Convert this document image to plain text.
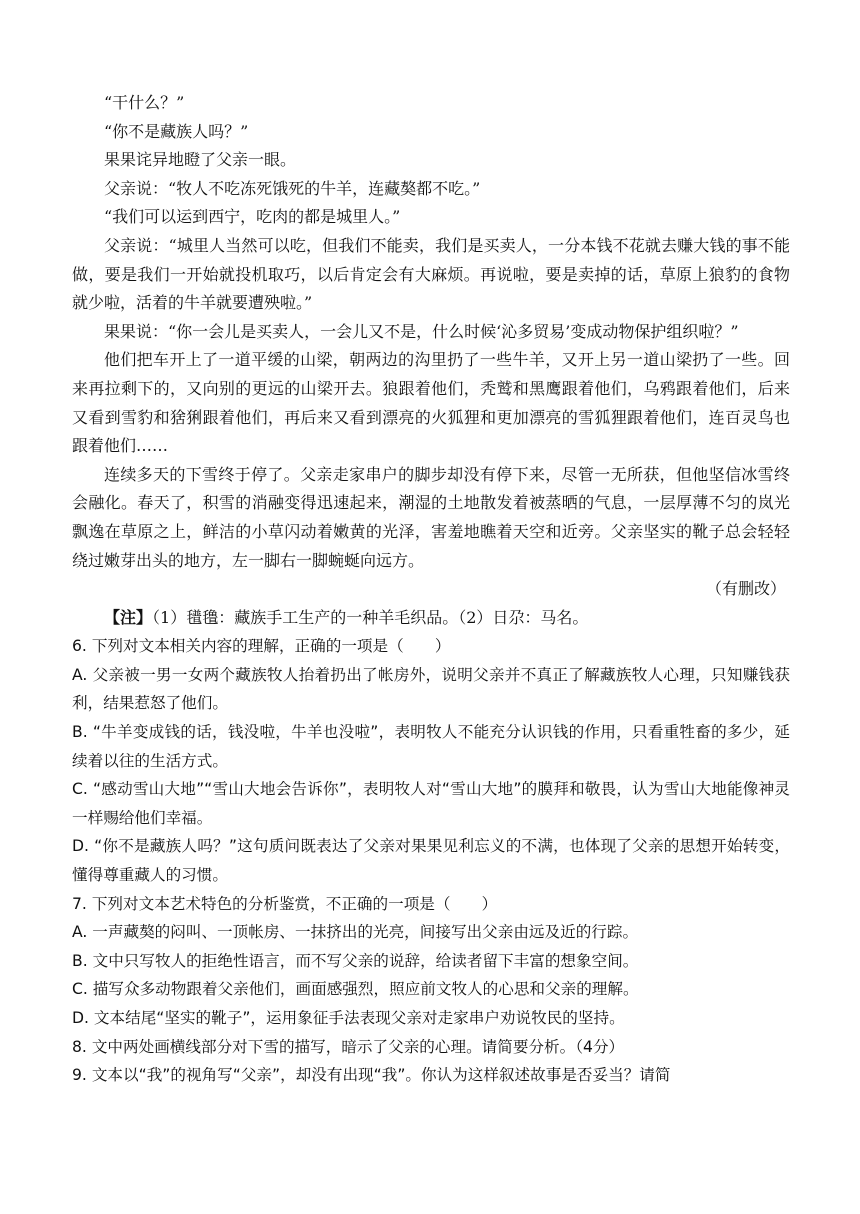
“干什么？”

“你不是藏族人吗？”

果果诧异地瞪了父亲一眼。

父亲说：“牧人不吃冻死饿死的牛羊，连藏獒都不吃。”

“我们可以运到西宁，吃肉的都是城里人。”

父亲说：“城里人当然可以吃，但我们不能卖，我们是买卖人，一分本钱不花就去赚大钱的事不能做，要是我们一开始就投机取巧，以后肯定会有大麻烦。再说啦，要是卖掉的话，草原上狼豹的食物就少啦，活着的牛羊就要遭殃啦。”

果果说：“你一会儿是买卖人，一会儿又不是，什么时候‘沁多贸易’变成动物保护组织啦？”

他们把车开上了一道平缓的山梁，朝两边的沟里扔了一些牛羊，又开上另一道山梁扔了一些。回来再拉剩下的，又向别的更远的山梁开去。狼跟着他们，秃鹫和黑鹰跟着他们，乌鸦跟着他们，后来又看到雪豹和猞猁跟着他们，再后来又看到漂亮的火狐狸和更加漂亮的雪狐狸跟着他们，连百灵鸟也跟着他们……

连续多天的下雪终于停了。父亲走家串户的脚步却没有停下来，尽管一无所获，但他坚信冰雪终会融化。春天了，积雪的消融变得迅速起来，潮湿的土地散发着被蒸晒的气息，一层厚薄不匀的岚光飘逸在草原之上，鲜洁的小草闪动着嫩黄的光泽，害羞地瞧着天空和近旁。父亲坚实的靴子总会轻轻绕过嫩芽出头的地方，左一脚右一脚蜿蜒向远方。

（有删改）

【注】（1）氆氇：藏族手工生产的一种羊毛织品。（2）日尕：马名。

6. 下列对文本相关内容的理解，正确的一项是（　　）

A. 父亲被一男一女两个藏族牧人抬着扔出了帐房外，说明父亲并不真正了解藏族牧人心理，只知赚钱获利，结果惹怒了他们。

B. “牛羊变成钱的话，钱没啦，牛羊也没啦”，表明牧人不能充分认识钱的作用，只看重牲畜的多少，延续着以往的生活方式。

C. “感动雪山大地”“雪山大地会告诉你”，表明牧人对“雪山大地”的膜拜和敬畏，认为雪山大地能像神灵一样赐给他们幸福。

D. “你不是藏族人吗？”这句质问既表达了父亲对果果见利忘义的不满，也体现了父亲的思想开始转变，懂得尊重藏人的习惯。

7. 下列对文本艺术特色的分析鉴赏，不正确的一项是（　　）

A. 一声藏獒的闷叫、一顶帐房、一抹挤出的光亮，间接写出父亲由远及近的行踪。

B. 文中只写牧人的拒绝性语言，而不写父亲的说辞，给读者留下丰富的想象空间。

C. 描写众多动物跟着父亲他们，画面感强烈，照应前文牧人的心思和父亲的理解。

D. 文本结尾“坚实的靴子”，运用象征手法表现父亲对走家串户劝说牧民的坚持。

8. 文中两处画横线部分对下雪的描写，暗示了父亲的心理。请简要分析。（4分）

9. 文本以“我”的视角写“父亲”，却没有出现“我”。你认为这样叙述故事是否妥当？请简
